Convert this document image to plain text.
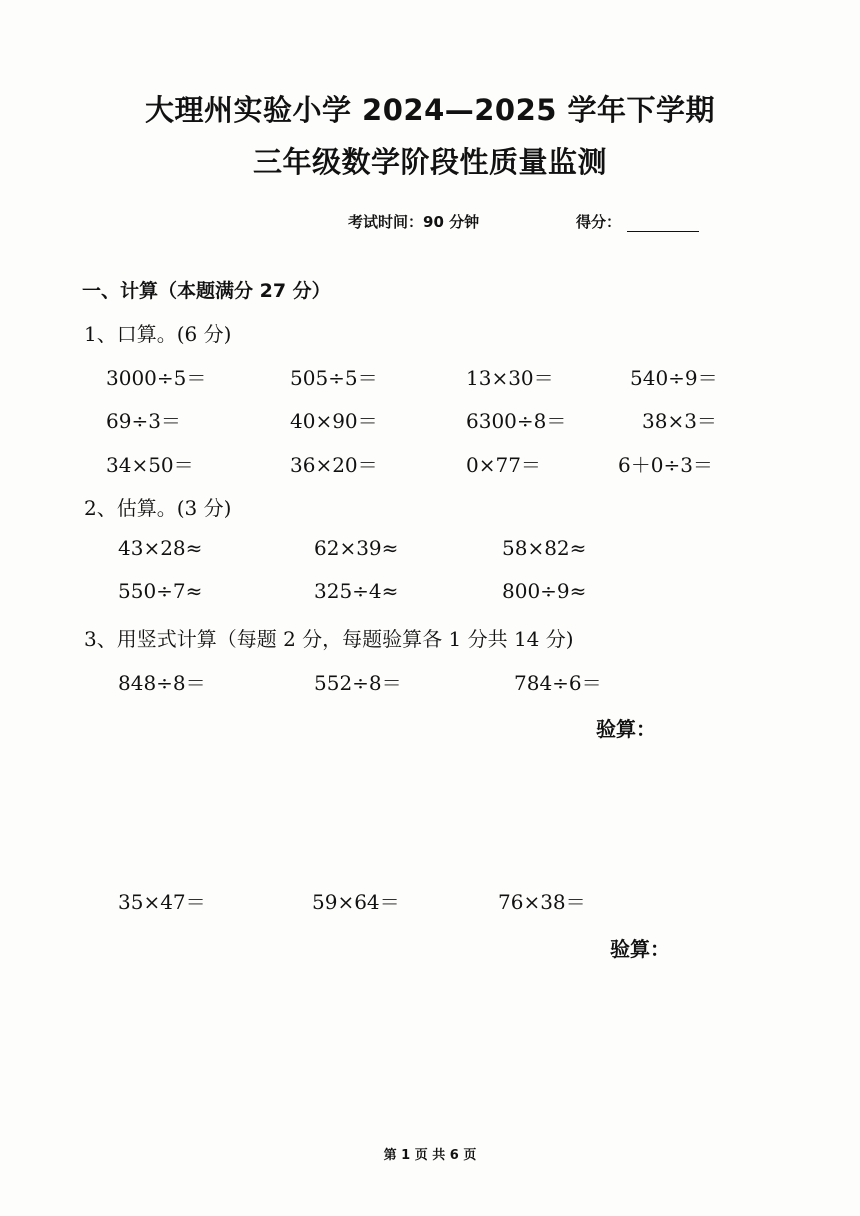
大理州实验小学 2024—2025 学年下学期
三年级数学阶段性质量监测
考试时间：90 分钟	得分：
一、计算（本题满分 27 分）
1、口算。(6 分)
3000÷5＝	505÷5＝	13×30＝	540÷9＝
69÷3＝	40×90＝	6300÷8＝	38×3＝
34×50＝	36×20＝	0×77＝	6＋0÷3＝
2、估算。(3 分)
43×28≈	62×39≈	58×82≈
550÷7≈	325÷4≈	800÷9≈
3、用竖式计算（每题 2 分，每题验算各 1 分共 14 分)
848÷8＝	552÷8＝	784÷6＝
验算：
35×47＝	59×64＝	76×38＝
验算：
第 1 页 共 6 页
